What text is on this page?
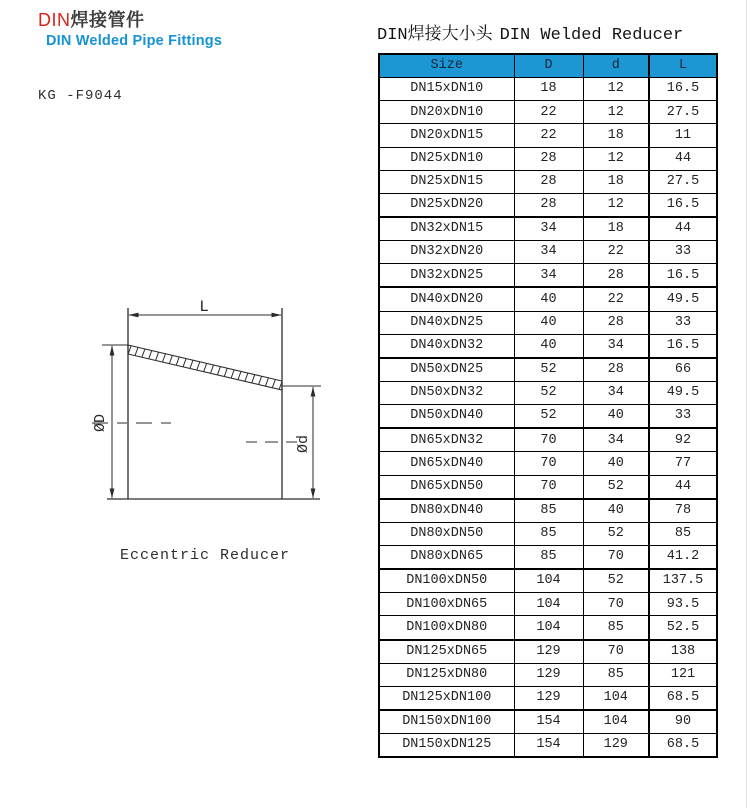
DIN焊接管件
DIN Welded Pipe Fittings
KG -F9044
L
ØD
Ød
Eccentric Reducer
DIN焊接大小头 DIN Welded Reducer
Size	D	d	L
DN15xDN10	18	12	16.5
DN20xDN10	22	12	27.5
DN20xDN15	22	18	11
DN25xDN10	28	12	44
DN25xDN15	28	18	27.5
DN25xDN20	28	12	16.5
DN32xDN15	34	18	44
DN32xDN20	34	22	33
DN32xDN25	34	28	16.5
DN40xDN20	40	22	49.5
DN40xDN25	40	28	33
DN40xDN32	40	34	16.5
DN50xDN25	52	28	66
DN50xDN32	52	34	49.5
DN50xDN40	52	40	33
DN65xDN32	70	34	92
DN65xDN40	70	40	77
DN65xDN50	70	52	44
DN80xDN40	85	40	78
DN80xDN50	85	52	85
DN80xDN65	85	70	41.2
DN100xDN50	104	52	137.5
DN100xDN65	104	70	93.5
DN100xDN80	104	85	52.5
DN125xDN65	129	70	138
DN125xDN80	129	85	121
DN125xDN100	129	104	68.5
DN150xDN100	154	104	90
DN150xDN125	154	129	68.5
